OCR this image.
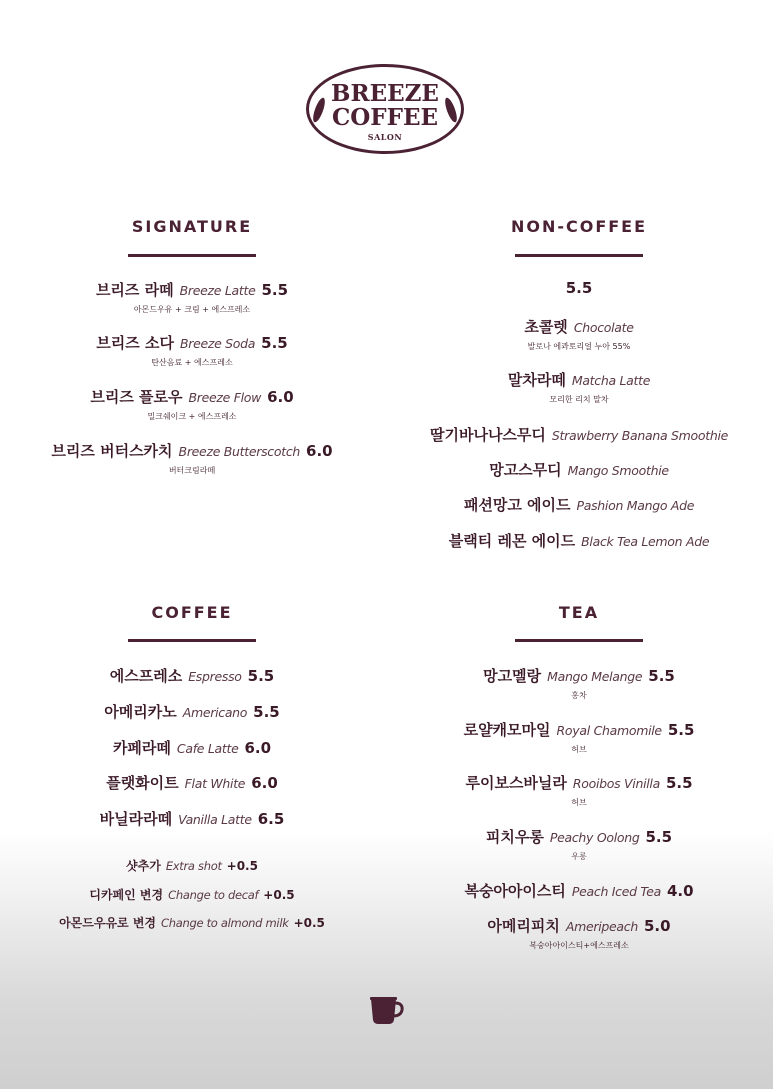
BREEZE
COFFEE
SALON
SIGNATURE
브리즈 라떼 Breeze Latte 5.5
아몬드우유 + 크림 + 에스프레소
브리즈 소다 Breeze Soda 5.5
탄산음료 + 에스프레소
브리즈 플로우 Breeze Flow 6.0
밀크쉐이크 + 에스프레소
브리즈 버터스카치 Breeze Butterscotch 6.0
버터크림라떼
NON-COFFEE
5.5
초콜렛 Chocolate
발로나 에콰토리얼 누아 55%
말차라떼 Matcha Latte
모리한 리치 말차
딸기바나나스무디 Strawberry Banana Smoothie
망고스무디 Mango Smoothie
패션망고 에이드 Pashion Mango Ade
블랙티 레몬 에이드 Black Tea Lemon Ade
COFFEE
에스프레소 Espresso 5.5
아메리카노 Americano 5.5
카페라떼 Cafe Latte 6.0
플랫화이트 Flat White 6.0
바닐라라떼 Vanilla Latte 6.5
샷추가 Extra shot +0.5
디카페인 변경 Change to decaf +0.5
아몬드우유로 변경 Change to almond milk +0.5
TEA
망고멜랑 Mango Melange 5.5
홍차
로얄캐모마일 Royal Chamomile 5.5
허브
루이보스바닐라 Rooibos Vinilla 5.5
허브
피치우롱 Peachy Oolong 5.5
우롱
복숭아아이스티 Peach Iced Tea 4.0
아메리피치 Ameripeach 5.0
복숭아아이스티+에스프레소
